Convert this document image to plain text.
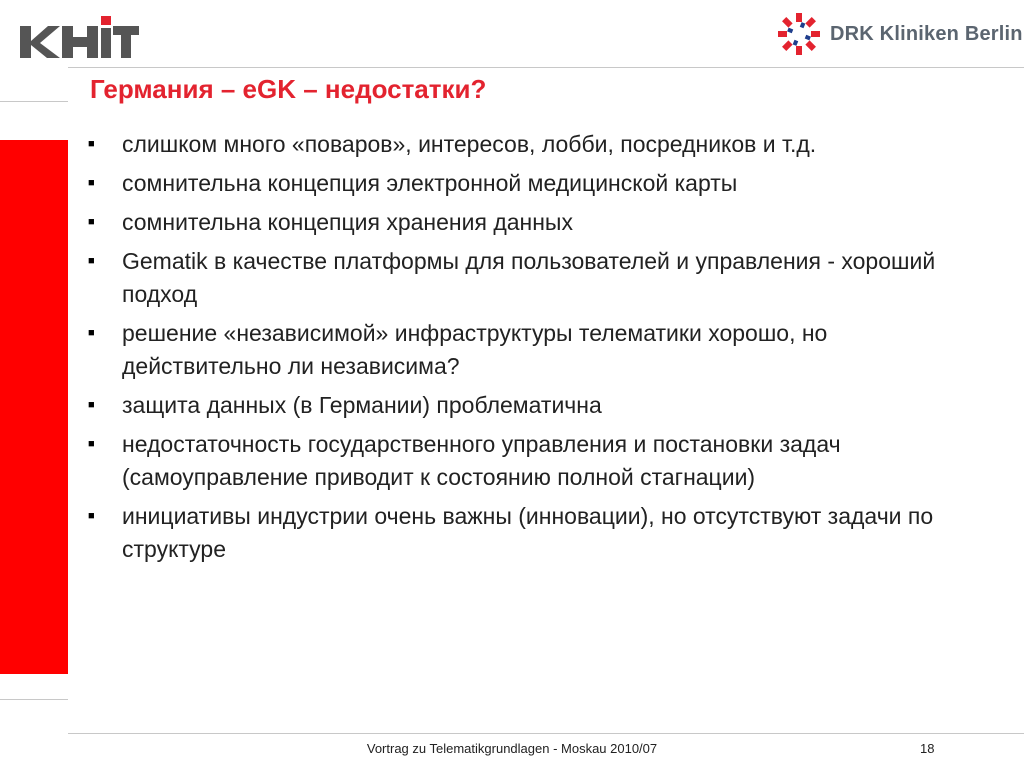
DRK Kliniken Berlin
Германия – eGK – недостатки?
■	слишком много «поваров», интересов, лобби, посредников и т.д.
■	сомнительна концепция электронной медицинской карты
■	сомнительна концепция хранения данных
■	Gematik в качестве платформы для пользователей и управления - хороший подход
■	решение «независимой» инфраструктуры телематики хорошо, но действительно ли независима?
■	защита данных (в Германии) проблематична
■	недостаточность государственного управления и постановки задач (самоуправление приводит к состоянию полной стагнации)
■	инициативы индустрии очень важны (инновации), но отсутствуют задачи по структуре
Vortrag zu Telematikgrundlagen - Moskau 2010/07	18
